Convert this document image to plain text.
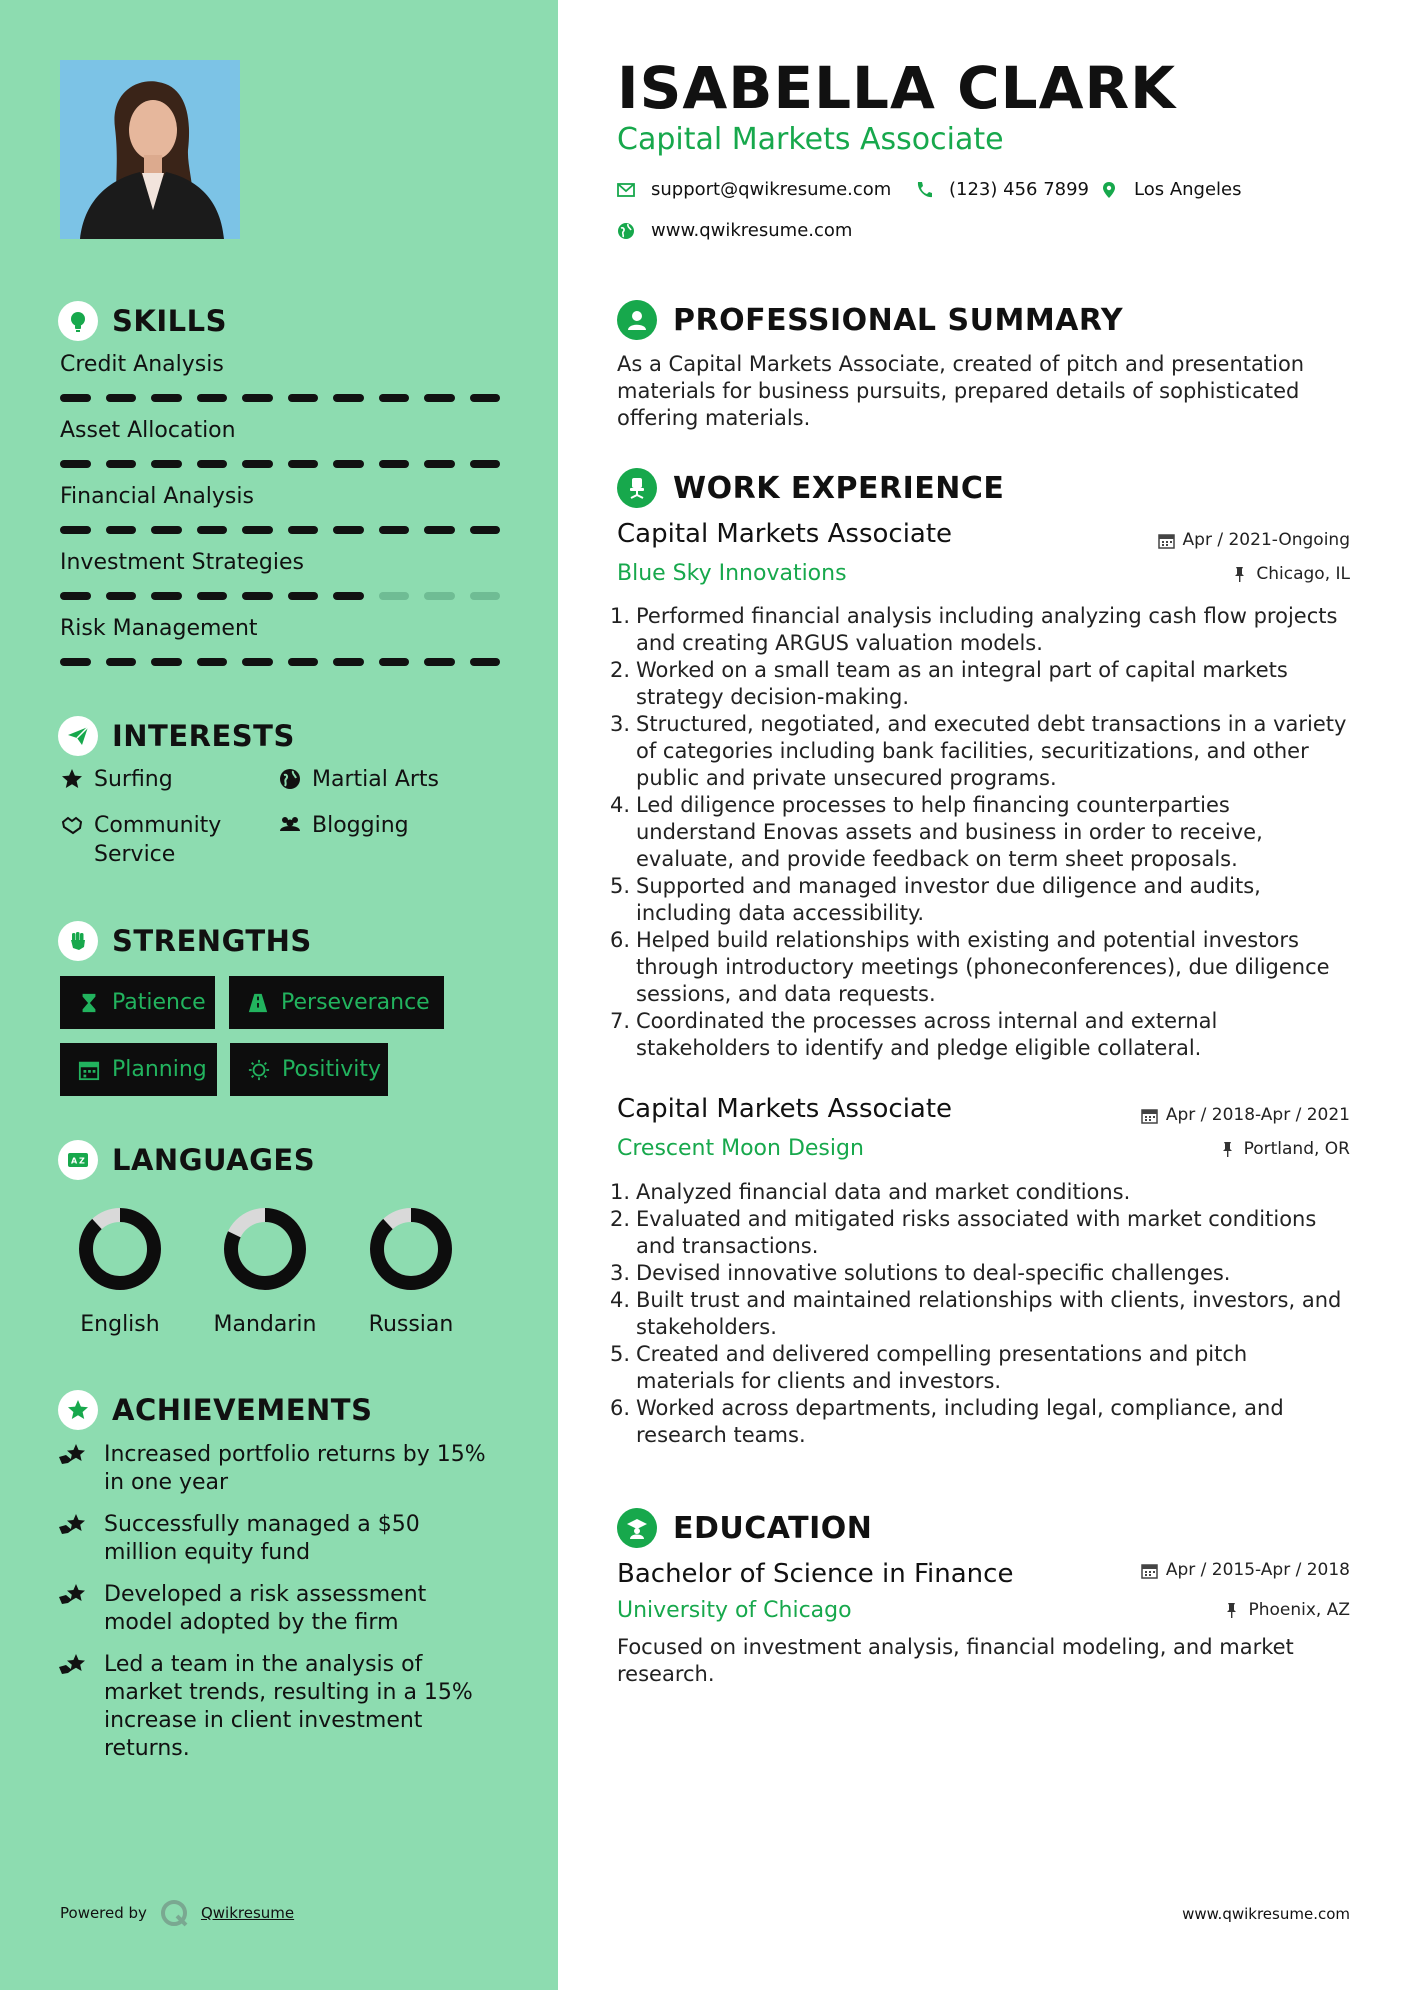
SKILLS
Credit Analysis
Asset Allocation
Financial Analysis
Investment Strategies
Risk Management
INTERESTS
Surfing	Martial Arts
Community Service
Blogging
STRENGTHS
Patience	Perseverance
Planning	Positivity
A Z LANGUAGES
English	Mandarin	Russian
ACHIEVEMENTS
Increased portfolio returns by 15% in one year
Successfully managed a $50 million equity fund
Developed a risk assessment model adopted by the firm
Led a team in the analysis of market trends, resulting in a 15% increase in client investment returns.
Powered by	Qwikresume
ISABELLA CLARK
Capital Markets Associate
support@qwikresume.com	(123) 456 7899 Los Angeles
www.qwikresume.com
PROFESSIONAL SUMMARY
As a Capital Markets Associate, created of pitch and presentation materials for business pursuits, prepared details of sophisticated offering materials.
WORK EXPERIENCE
Capital Markets Associate	Apr / 2021-Ongoing
Blue Sky Innovations	Chicago, IL
1. Performed financial analysis including analyzing cash flow projects and creating ARGUS valuation models.
2. Worked on a small team as an integral part of capital markets strategy decision-making.
3. Structured, negotiated, and executed debt transactions in a variety of categories including bank facilities, securitizations, and other public and private unsecured programs.
4. Led diligence processes to help financing counterparties understand Enovas assets and business in order to receive, evaluate, and provide feedback on term sheet proposals.
5. Supported and managed investor due diligence and audits, including data accessibility.
6. Helped build relationships with existing and potential investors through introductory meetings (phoneconferences), due diligence sessions, and data requests.
7. Coordinated the processes across internal and external stakeholders to identify and pledge eligible collateral.
Capital Markets Associate	Apr / 2018-Apr / 2021
Crescent Moon Design	Portland, OR
1. Analyzed financial data and market conditions.
2. Evaluated and mitigated risks associated with market conditions and transactions.
3. Devised innovative solutions to deal-specific challenges.
4. Built trust and maintained relationships with clients, investors, and stakeholders.
5. Created and delivered compelling presentations and pitch materials for clients and investors.
6. Worked across departments, including legal, compliance, and research teams.
EDUCATION
Bachelor of Science in Finance	Apr / 2015-Apr / 2018
University of Chicago	Phoenix, AZ
Focused on investment analysis, financial modeling, and market research.
www.qwikresume.com
